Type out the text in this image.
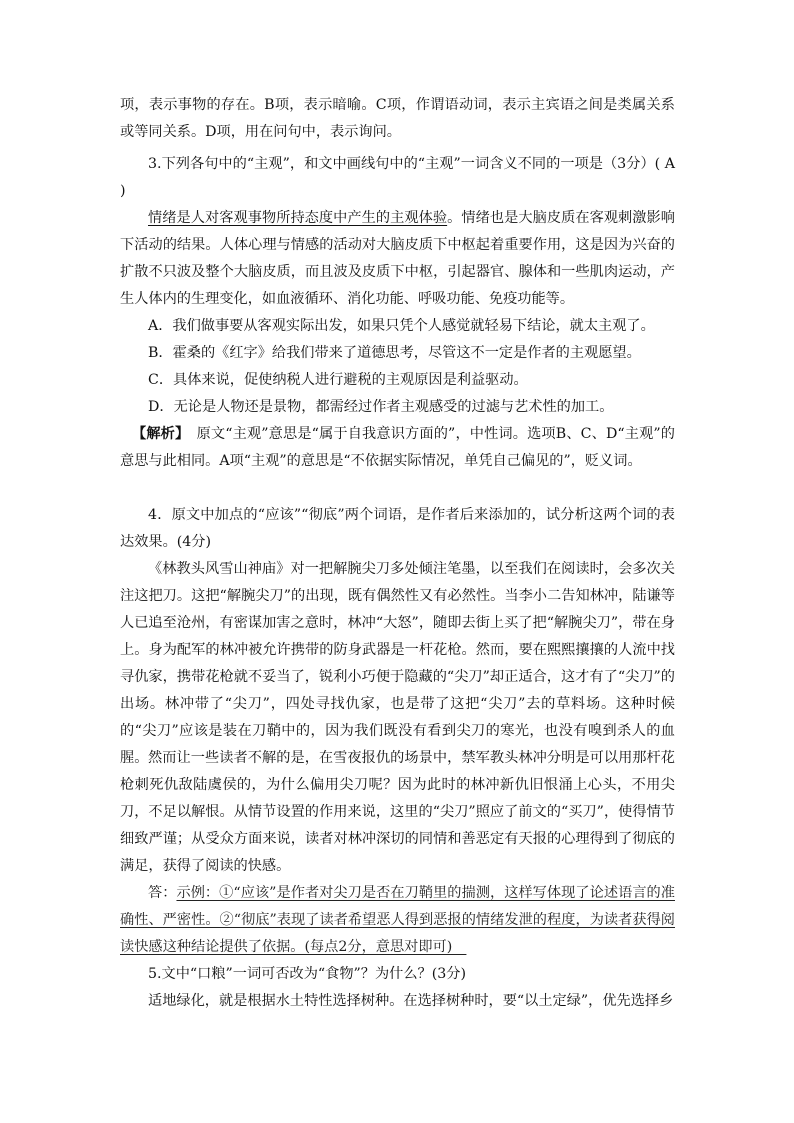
项，表示事物的存在。B项，表示暗喻。C项，作谓语动词，表示主宾语之间是类属关系或等同关系。D项，用在问句中，表示询问。

3.下列各句中的“主观”，和文中画线句中的“主观”一词含义不同的一项是（3分）( A )

情绪是人对客观事物所持态度中产生的主观体验。情绪也是大脑皮质在客观刺激影响下活动的结果。人体心理与情感的活动对大脑皮质下中枢起着重要作用，这是因为兴奋的扩散不只波及整个大脑皮质，而且波及皮质下中枢，引起器官、腺体和一些肌肉运动，产生人体内的生理变化，如血液循环、消化功能、呼吸功能、免疫功能等。

A．我们做事要从客观实际出发，如果只凭个人感觉就轻易下结论，就太主观了。

B．霍桑的《红字》给我们带来了道德思考，尽管这不一定是作者的主观愿望。

C．具体来说，促使纳税人进行避税的主观原因是利益驱动。

D．无论是人物还是景物，都需经过作者主观感受的过滤与艺术性的加工。

【解析】　原文“主观”意思是“属于自我意识方面的”，中性词。选项B、C、D“主观”的意思与此相同。A项“主观”的意思是“不依据实际情况，单凭自己偏见的”，贬义词。

4．原文中加点的“应该”“彻底”两个词语，是作者后来添加的，试分析这两个词的表达效果。(4分)

《林教头风雪山神庙》对一把解腕尖刀多处倾注笔墨，以至我们在阅读时，会多次关注这把刀。这把“解腕尖刀”的出现，既有偶然性又有必然性。当李小二告知林冲，陆谦等人已追至沧州，有密谋加害之意时，林冲“大怒”，随即去街上买了把“解腕尖刀”，带在身上。身为配军的林冲被允许携带的防身武器是一杆花枪。然而，要在熙熙攘攘的人流中找寻仇家，携带花枪就不妥当了，锐利小巧便于隐藏的“尖刀”却正适合，这才有了“尖刀”的出场。林冲带了“尖刀”，四处寻找仇家，也是带了这把“尖刀”去的草料场。这种时候的“尖刀”应该是装在刀鞘中的，因为我们既没有看到尖刀的寒光，也没有嗅到杀人的血腥。 然而让一些读者不解的是，在雪夜报仇的场景中，禁军教头林冲分明是可以用那杆花枪刺死仇敌陆虞侯的，为什么偏用尖刀呢？因为此时的林冲新仇旧恨涌上心头，不用尖刀，不足以解恨。从情节设置的作用来说，这里的“尖刀”照应了前文的“买刀”，使得情节细致严谨；从受众方面来说，读者对林冲深切的同情和善恶定有天报的心理得到了彻底的满足，获得了阅读的快感。

答：示例：①“应该”是作者对尖刀是否在刀鞘里的揣测，这样写体现了论述语言的准确性、严密性。②“彻底”表现了读者希望恶人得到恶报的情绪发泄的程度，为读者获得阅读快感这种结论提供了依据。(每点2分，意思对即可)　

5.文中“口粮”一词可否改为“食物”？为什么？(3分)

适地绿化，就是根据水土特性选择树种。在选择树种时，要“以土定绿”，优先选择乡
